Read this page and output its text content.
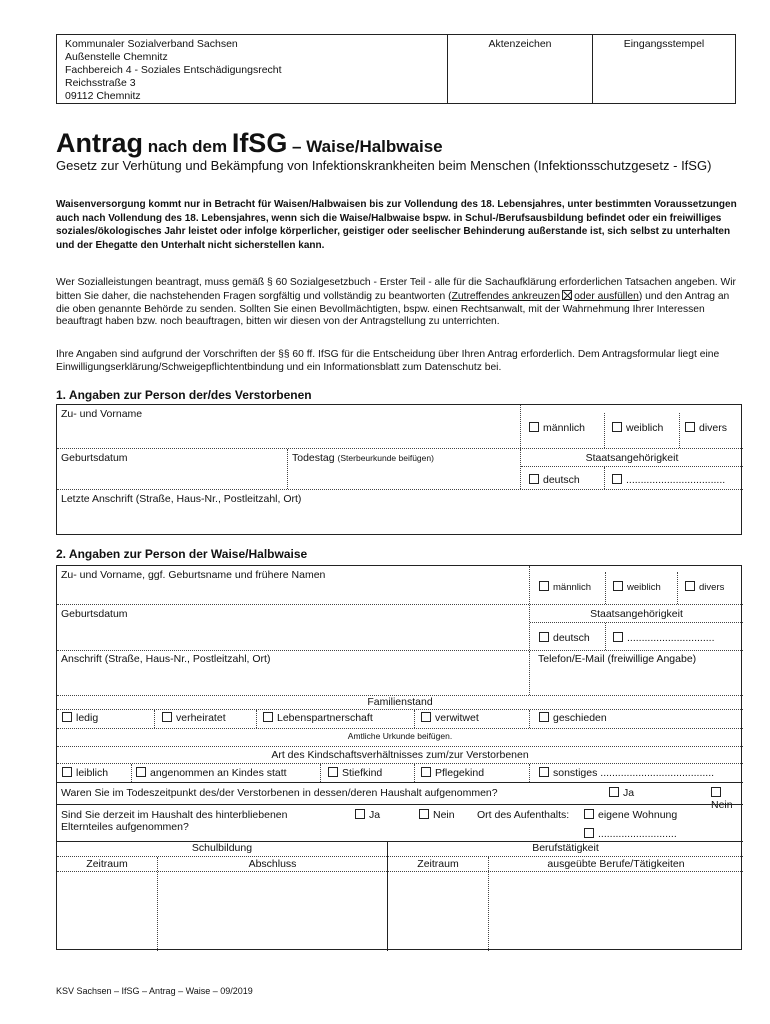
Kommunaler Sozialverband Sachsen
Außenstelle Chemnitz
Fachbereich 4 - Soziales Entschädigungsrecht
Reichsstraße 3
09112 Chemnitz
Aktenzeichen	Eingangsstempel
Antrag nach dem IfSG – Waise/Halbwaise
Gesetz zur Verhütung und Bekämpfung von Infektionskrankheiten beim Menschen (Infektionsschutzgesetz - IfSG)
Waisenversorgung kommt nur in Betracht für Waisen/Halbwaisen bis zur Vollendung des 18. Lebensjahres, unter bestimmten Voraussetzungen auch nach Vollendung des 18. Lebensjahres, wenn sich die Waise/Halbwaise bspw. in Schul-/Berufsausbildung befindet oder ein freiwilliges soziales/ökologisches Jahr leistet oder infolge körperlicher, geistiger oder seelischer Behinderung außerstande ist, sich selbst zu unterhalten und der Ehegatte den Unterhalt nicht sicherstellen kann.

Wer Sozialleistungen beantragt, muss gemäß § 60 Sozialgesetzbuch - Erster Teil - alle für die Sachaufklärung erforderlichen Tatsachen angeben. Wir bitten Sie daher, die nachstehenden Fragen sorgfältig und vollständig zu beantworten (Zutreffendes ankreuzen oder ausfüllen) und den Antrag an die oben genannte Behörde zu senden. Sollten Sie einen Bevollmächtigten, bspw. einen Rechtsanwalt, mit der Wahrnehmung Ihrer Interessen beauftragt haben bzw. noch beauftragen, bitten wir diesen von der Antragstellung zu unterrichten.

Ihre Angaben sind aufgrund der Vorschriften der §§ 60 ff. IfSG für die Entscheidung über Ihren Antrag erforderlich. Dem Antragsformular liegt eine Einwilligungserklärung/Schweigepflichtentbindung und ein Informationsblatt zum Datenschutz bei.

1. Angaben zur Person der/des Verstorbenen
Zu- und Vorname
männlich	weiblich	divers
Geburtsdatum	Todestag (Sterbeurkunde beifügen)	Staatsangehörigkeit
deutsch	..................................
Letzte Anschrift (Straße, Haus-Nr., Postleitzahl, Ort)
2. Angaben zur Person der Waise/Halbwaise
Zu- und Vorname, ggf. Geburtsname und frühere Namen
männlich	weiblich	divers
Geburtsdatum	Staatsangehörigkeit
deutsch	..............................
Anschrift (Straße, Haus-Nr., Postleitzahl, Ort)	Telefon/E-Mail (freiwillige Angabe)
Familienstand
ledig	verheiratet	Lebenspartnerschaft	verwitwet	geschieden
Amtliche Urkunde beifügen.
Art des Kindschaftsverhältnisses zum/zur Verstorbenen
leiblich	angenommen an Kindes statt	Stiefkind	Pflegekind	sonstiges .......................................
Waren Sie im Todeszeitpunkt des/der Verstorbenen in dessen/deren Haushalt aufgenommen?	Ja
Nein
Sind Sie derzeit im Haushalt des hinterbliebenen Elternteiles aufgenommen?
Ja	Nein Ort des Aufenthalts:	eigene Wohnung
...........................
Schulbildung	Berufstätigkeit
Zeitraum	Abschluss	Zeitraum	ausgeübte Berufe/Tätigkeiten
KSV Sachsen – IfSG – Antrag – Waise – 09/2019
